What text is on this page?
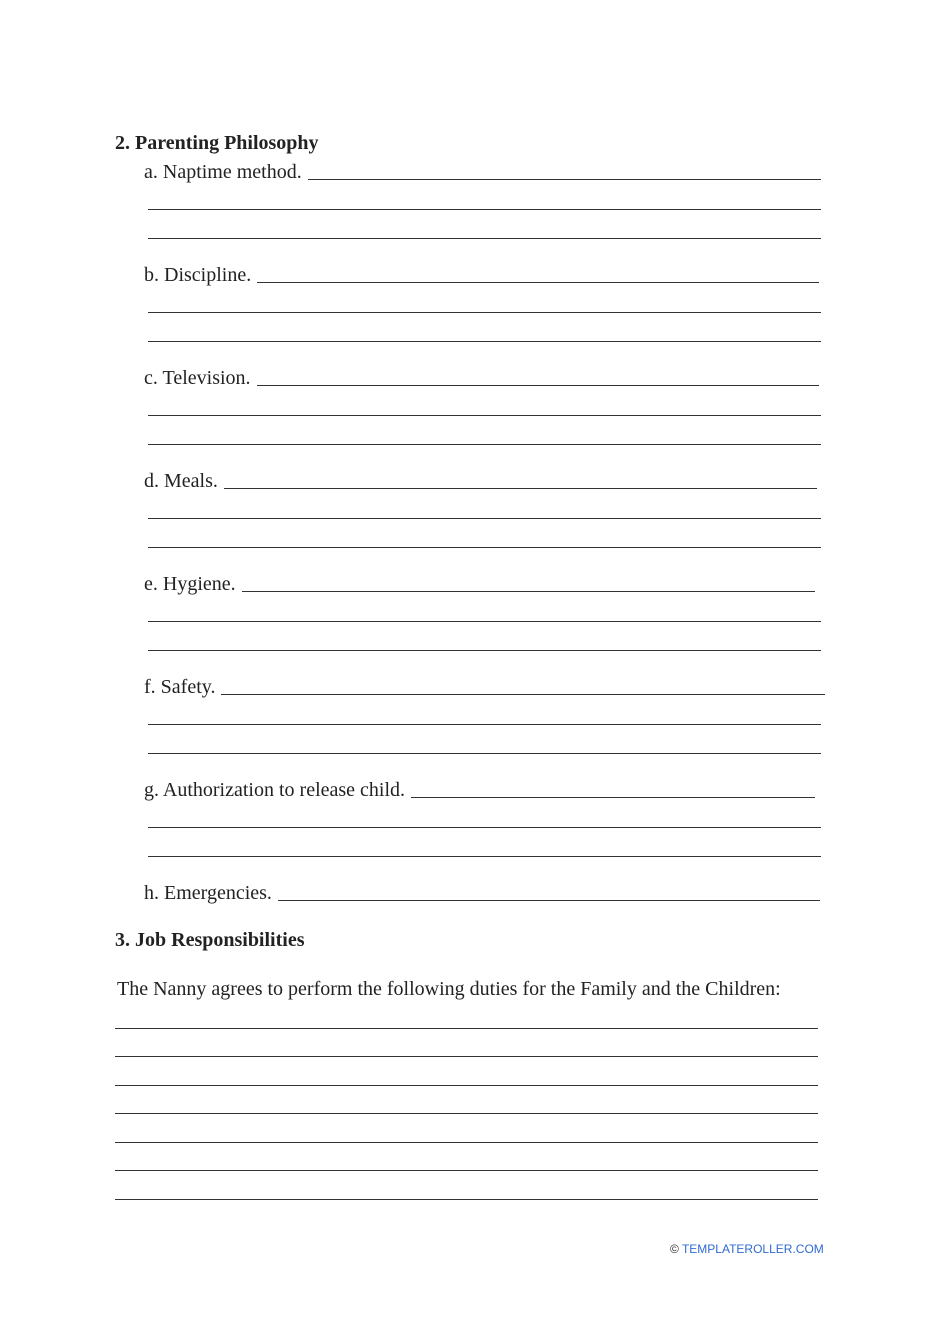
2. Parenting Philosophy
a. Naptime method.
b. Discipline.
c. Television.
d. Meals.
e. Hygiene.
f. Safety.
g. Authorization to release child.
h. Emergencies.
3. Job Responsibilities
The Nanny agrees to perform the following duties for the Family and the Children:
© TEMPLATEROLLER.COM
